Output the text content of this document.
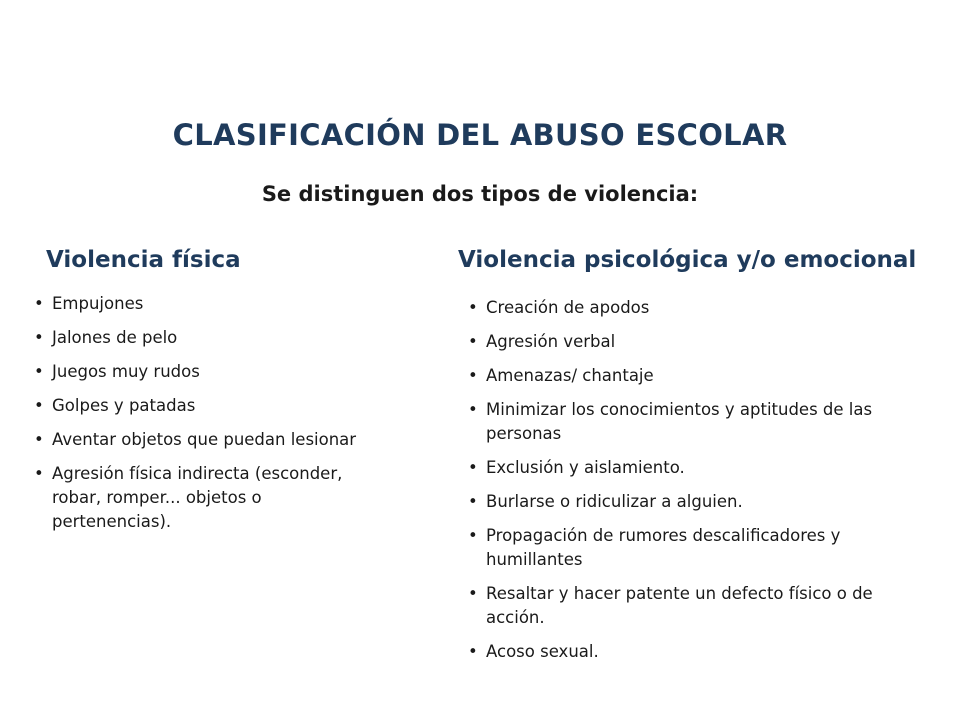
CLASIFICACIÓN DEL ABUSO ESCOLAR
Se distinguen dos tipos de violencia:
Violencia física	Violencia psicológica y/o emocional
• Empujones
• Jalones de pelo
• Juegos muy rudos
• Golpes y patadas
• Aventar objetos que puedan lesionar
• Agresión física indirecta (esconder, robar, romper... objetos o pertenencias).
• Creación de apodos
• Agresión verbal
• Amenazas/ chantaje
• Minimizar los conocimientos y aptitudes de las personas
• Exclusión y aislamiento.
• Burlarse o ridiculizar a alguien.
• Propagación de rumores descalificadores y humillantes
• Resaltar y hacer patente un defecto físico o de acción.
• Acoso sexual.
